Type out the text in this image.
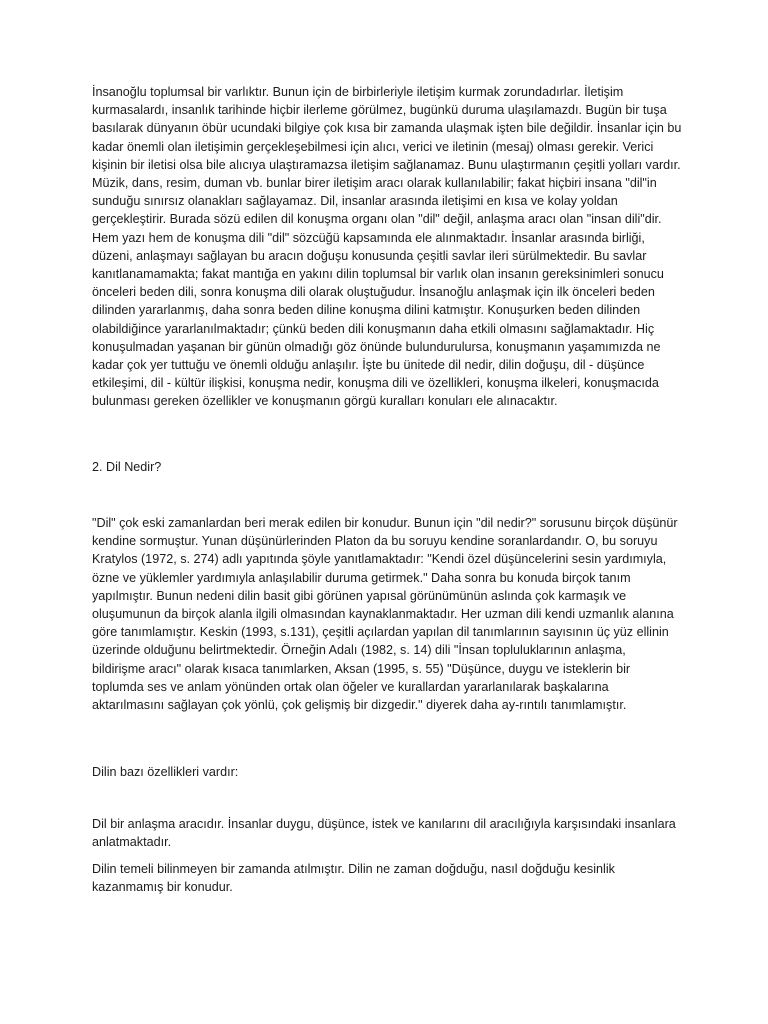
İnsanoğlu toplumsal bir varlıktır. Bunun için de birbirleriyle iletişim kurmak zorundadırlar. İletişim kurmasalardı, insanlık tarihinde hiçbir ilerleme görülmez, bugünkü duruma ulaşılamazdı. Bugün bir tuşa basılarak dünyanın öbür ucundaki bilgiye çok kısa bir zamanda ulaşmak işten bile değildir. İnsanlar için bu kadar önemli olan iletişimin gerçekleşebilmesi için alıcı, verici ve iletinin (mesaj) olması gerekir. Verici kişinin bir iletisi olsa bile alıcıya ulaştıramazsa iletişim sağlanamaz. Bunu ulaştırmanın çeşitli yolları vardır. Müzik, dans, resim, duman vb. bunlar birer iletişim aracı olarak kullanılabilir; fakat hiçbiri insana "dil"in sunduğu sınırsız olanakları sağlayamaz. Dil, insanlar arasında iletişimi en kısa ve kolay yoldan gerçekleştirir. Burada sözü edilen dil konuşma organı olan "dil" değil, anlaşma aracı olan "insan dili"dir. Hem yazı hem de konuşma dili "dil" sözcüğü kapsamında ele alınmaktadır. İnsanlar arasında birliği, düzeni, anlaşmayı sağlayan bu aracın doğuşu konusunda çeşitli savlar ileri sürülmektedir. Bu savlar kanıtlanamamakta; fakat mantığa en yakını dilin toplumsal bir varlık olan insanın gereksinimleri sonucu önceleri beden dili, sonra konuşma dili olarak oluştuğudur. İnsanoğlu anlaşmak için ilk önceleri beden dilinden yararlanmış, daha sonra beden diline konuşma dilini katmıştır. Konuşurken beden dilinden olabildiğince yararlanılmaktadır; çünkü beden dili konuşmanın daha etkili olmasını sağlamaktadır. Hiç konuşulmadan yaşanan bir günün olmadığı göz önünde bulundurulursa, konuşmanın yaşamımızda ne kadar çok yer tuttuğu ve önemli olduğu anlaşılır. İşte bu ünitede dil nedir, dilin doğuşu, dil - düşünce etkileşimi, dil - kültür ilişkisi, konuşma nedir, konuşma dili ve özellikleri, konuşma ilkeleri, konuşmacıda bulunması gereken özellikler ve konuşmanın görgü kuralları konuları ele alınacaktır.

2. Dil Nedir?

"Dil" çok eski zamanlardan beri merak edilen bir konudur. Bunun için "dil nedir?" sorusunu birçok düşünür kendine sormuştur. Yunan düşünürlerinden Platon da bu soruyu kendine soranlardandır. O, bu soruyu Kratylos (1972, s. 274) adlı yapıtında şöyle yanıtlamaktadır: "Kendi özel düşüncelerini sesin yardımıyla, özne ve yüklemler yardımıyla anlaşılabilir duruma getirmek." Daha sonra bu konuda birçok tanım yapılmıştır. Bunun nedeni dilin basit gibi görünen yapısal görünümünün aslında çok karmaşık ve oluşumunun da birçok alanla ilgili olmasından kaynaklanmaktadır. Her uzman dili kendi uzmanlık alanına göre tanımlamıştır. Keskin (1993, s.131), çeşitli açılardan yapılan dil tanımlarının sayısının üç yüz ellinin üzerinde olduğunu belirtmektedir. Örneğin Adalı (1982, s. 14) dili "İnsan topluluklarının anlaşma, bildirişme aracı" olarak kısaca tanımlarken, Aksan (1995, s. 55) "Düşünce, duygu ve isteklerin bir toplumda ses ve anlam yönünden ortak olan öğeler ve kurallardan yararlanılarak başkalarına aktarılmasını sağlayan çok yönlü, çok gelişmiş bir dizgedir." diyerek daha ay-rıntılı tanımlamıştır.

Dilin bazı özellikleri vardır:

Dil bir anlaşma aracıdır. İnsanlar duygu, düşünce, istek ve kanılarını dil aracılığıyla karşısındaki insanlara anlatmaktadır.

Dilin temeli bilinmeyen bir zamanda atılmıştır. Dilin ne zaman doğduğu, nasıl doğduğu kesinlik kazanmamış bir konudur.
